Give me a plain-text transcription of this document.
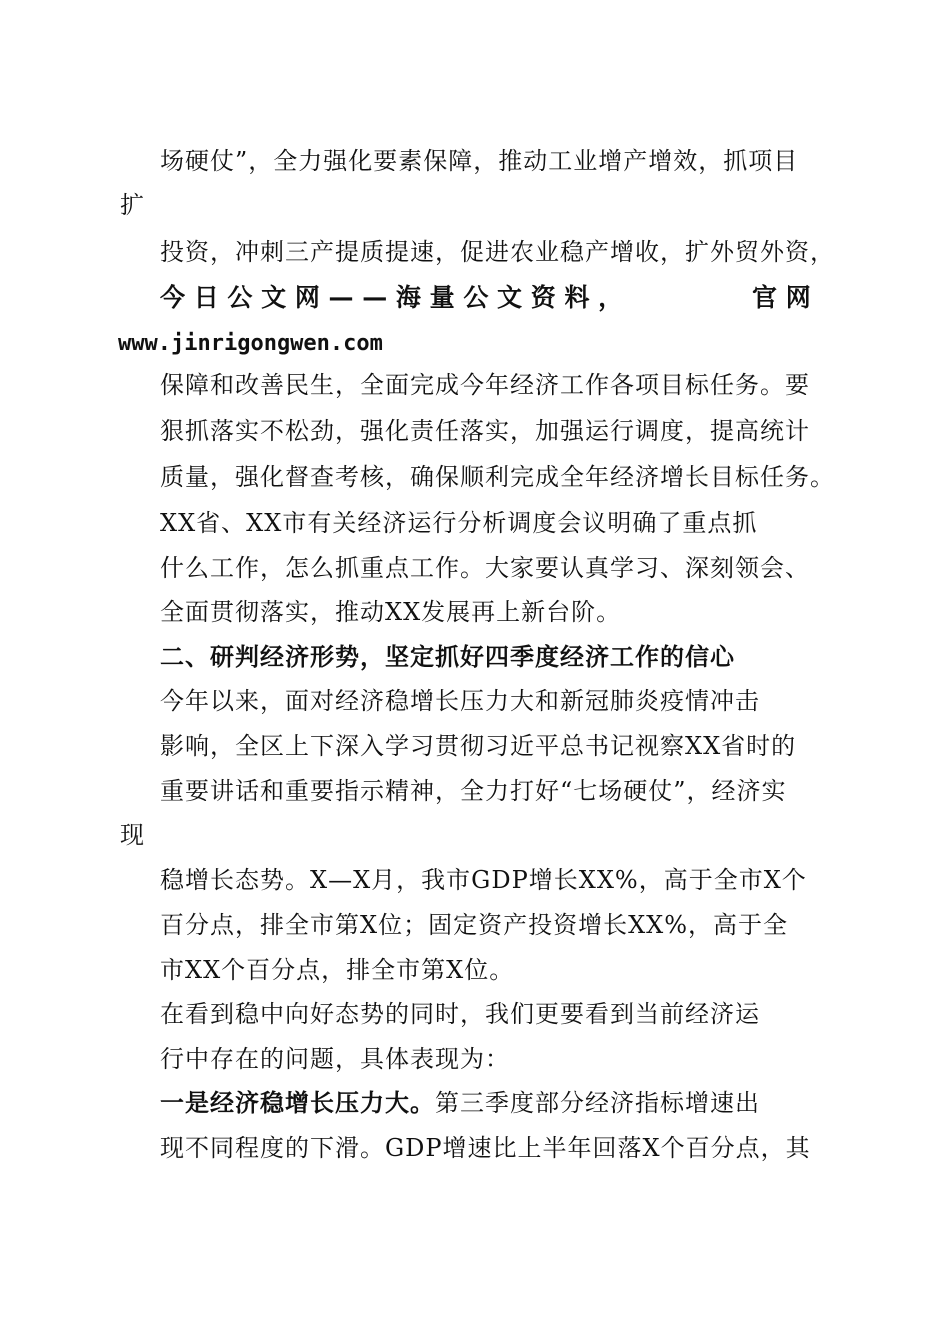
场硬仗”，全力强化要素保障，推动工业增产增效，抓项目
扩
投资，冲刺三产提质提速，促进农业稳产增收，扩外贸外资，
今 日 公 文 网 — — 海 量 公 文 资 料 ，	官 网
www.jinrigongwen.com
保障和改善民生，全面完成今年经济工作各项目标任务。要
狠抓落实不松劲，强化责任落实，加强运行调度，提高统计
质量，强化督查考核，确保顺利完成全年经济增长目标任务。
XX省、XX市有关经济运行分析调度会议明确了重点抓
什么工作，怎么抓重点工作。大家要认真学习、深刻领会、
全面贯彻落实，推动XX发展再上新台阶。
二、研判经济形势，坚定抓好四季度经济工作的信心
今年以来，面对经济稳增长压力大和新冠肺炎疫情冲击
影响，全区上下深入学习贯彻习近平总书记视察XX省时的
重要讲话和重要指示精神，全力打好“七场硬仗”，经济实
现
稳增长态势。X—X月，我市GDP增长XX%，高于全市X个
百分点，排全市第X位；固定资产投资增长XX%，高于全
市XX个百分点，排全市第X位。
在看到稳中向好态势的同时，我们更要看到当前经济运
行中存在的问题，具体表现为：
一是经济稳增长压力大。第三季度部分经济指标增速出
现不同程度的下滑。GDP增速比上半年回落X个百分点，其
